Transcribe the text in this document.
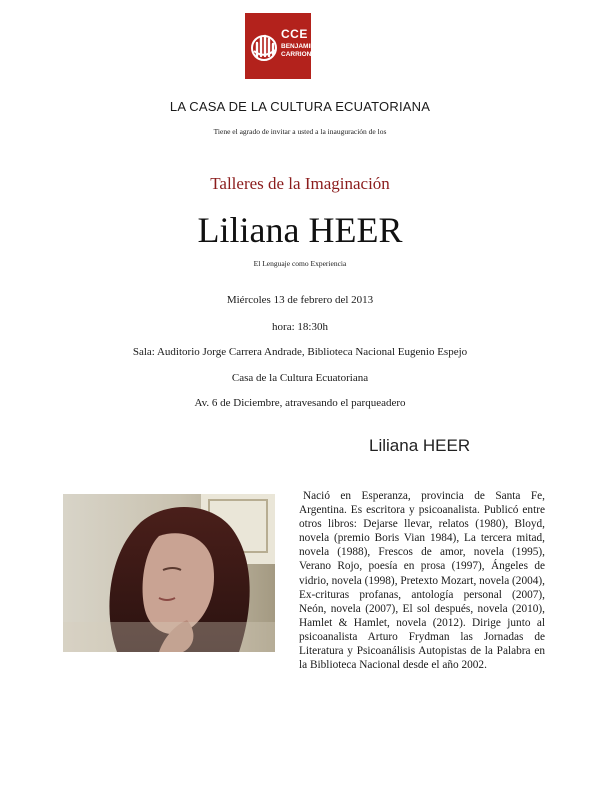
CCE
BENJAMIN
CARRION
LA CASA DE LA CULTURA ECUATORIANA
Tiene el agrado de invitar a usted a la inauguración de los
Talleres de la Imaginación
Liliana HEER
El Lenguaje como Experiencia
Miércoles 13 de febrero del 2013
hora: 18:30h
Sala: Auditorio Jorge Carrera Andrade, Biblioteca Nacional Eugenio Espejo
Casa de la Cultura Ecuatoriana
Av. 6 de Diciembre, atravesando el parqueadero
Liliana HEER

Nació en Esperanza, provincia de Santa Fe, Argentina. Es escritora y psicoanalista. Publicó entre otros libros: Dejarse llevar, relatos (1980), Bloyd, novela (premio Boris Vian 1984), La tercera mitad, novela (1988), Frescos de amor, novela (1995), Verano Rojo, poesía en prosa (1997), Ángeles de vidrio, novela (1998), Pretexto Mozart, novela (2004), Ex-crituras profanas, antología personal (2007), Neón, novela (2007), El sol después, novela (2010), Hamlet & Hamlet, novela (2012). Dirige junto al psicoanalista Arturo Frydman las Jornadas de Literatura y Psicoanálisis Autopistas de la Palabra en la Biblioteca Nacional desde el año 2002.
